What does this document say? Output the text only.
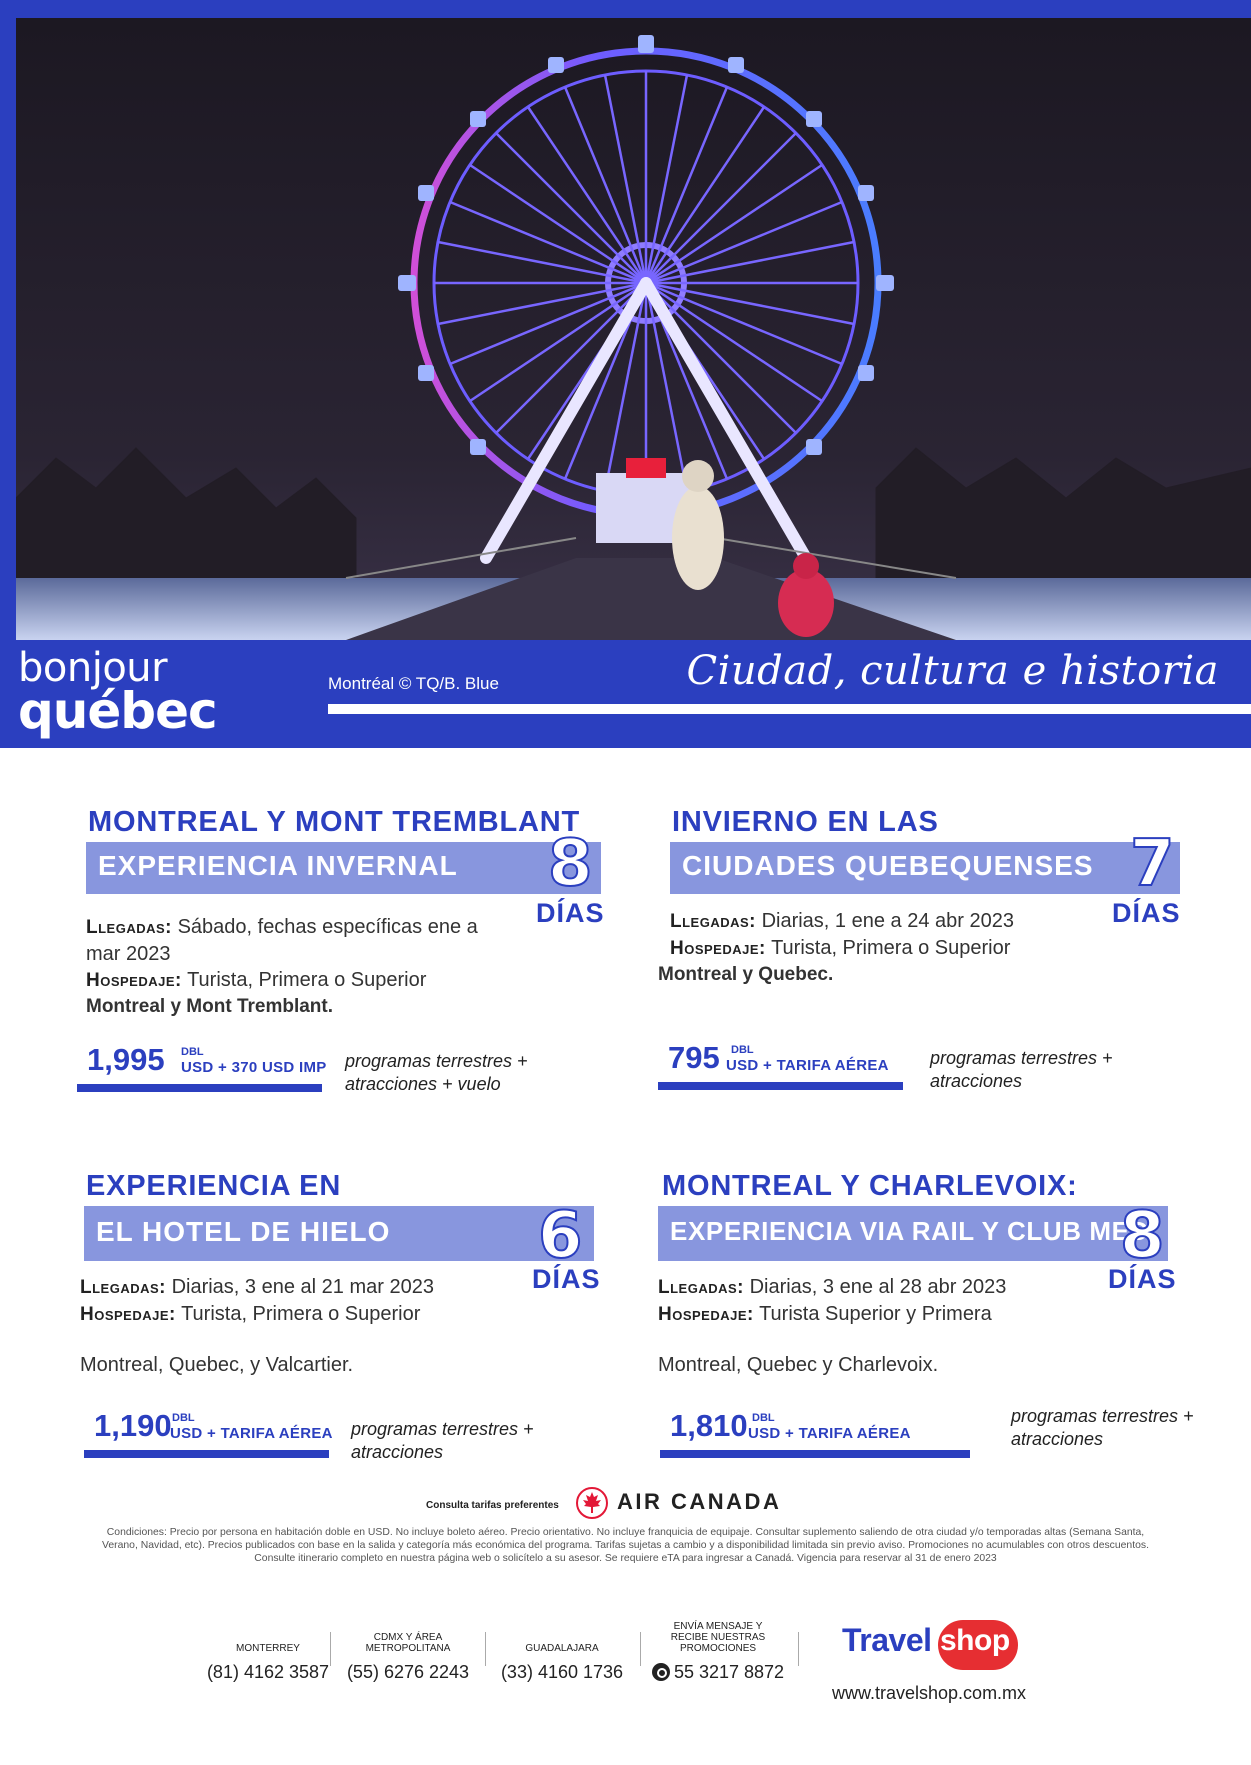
bonjour
québec	Montréal © TQ/B. Blue	Ciudad, cultura e historia
MONTREAL Y MONT TREMBLANT
EXPERIENCIA INVERNAL 8
DÍAS
Llegadas: Sábado, fechas específicas ene a mar 2023
Hospedaje: Turista, Primera o Superior
Montreal y Mont Tremblant.
1,995 DBL
USD + 370 USD IMP programas terrestres + atracciones + vuelo
INVIERNO EN LAS
CIUDADES QUEBEQUENSES 7
DÍAS
Llegadas: Diarias, 1 ene a 24 abr 2023
Hospedaje: Turista, Primera o Superior
Montreal y Quebec.
795 DBL
USD + TARIFA AÉREA programas terrestres + atracciones
EXPERIENCIA EN
EL HOTEL DE HIELO 6
DÍAS
Llegadas: Diarias, 3 ene al 21 mar 2023
Hospedaje: Turista, Primera o Superior
Montreal, Quebec, y Valcartier.
1,190 DBL
USD + TARIFA AÉREA programas terrestres + atracciones
MONTREAL Y CHARLEVOIX:
EXPERIENCIA VIA RAIL Y CLUB MED
8
DÍAS
Llegadas: Diarias, 3 ene al 28 abr 2023
Hospedaje: Turista Superior y Primera
Montreal, Quebec y Charlevoix.
1,810 DBL
USD + TARIFA AÉREA
programas terrestres + atracciones
Consulta tarifas preferentes	AIR CANADA
Condiciones: Precio por persona en habitación doble en USD. No incluye boleto aéreo. Precio orientativo. No incluye franquicia de equipaje. Consultar suplemento saliendo de otra ciudad y/o temporadas altas (Semana Santa, Verano, Navidad, etc). Precios publicados con base en la salida y categoría más económica del programa. Tarifas sujetas a cambio y a disponibilidad limitada sin previo aviso. Promociones no acumulables con otros descuentos. Consulte itinerario completo en nuestra página web o solicítelo a su asesor. Se requiere eTA para ingresar a Canadá. Vigencia para reservar al 31 de enero 2023
MONTERREY
(81) 4162 3587
CDMX Y ÁREA METROPOLITANA
(55) 6276 2243
GUADALAJARA
(33) 4160 1736
ENVÍA MENSAJE Y RECIBE NUESTRAS PROMOCIONES
55 3217 8872
Travel shop
www.travelshop.com.mx
